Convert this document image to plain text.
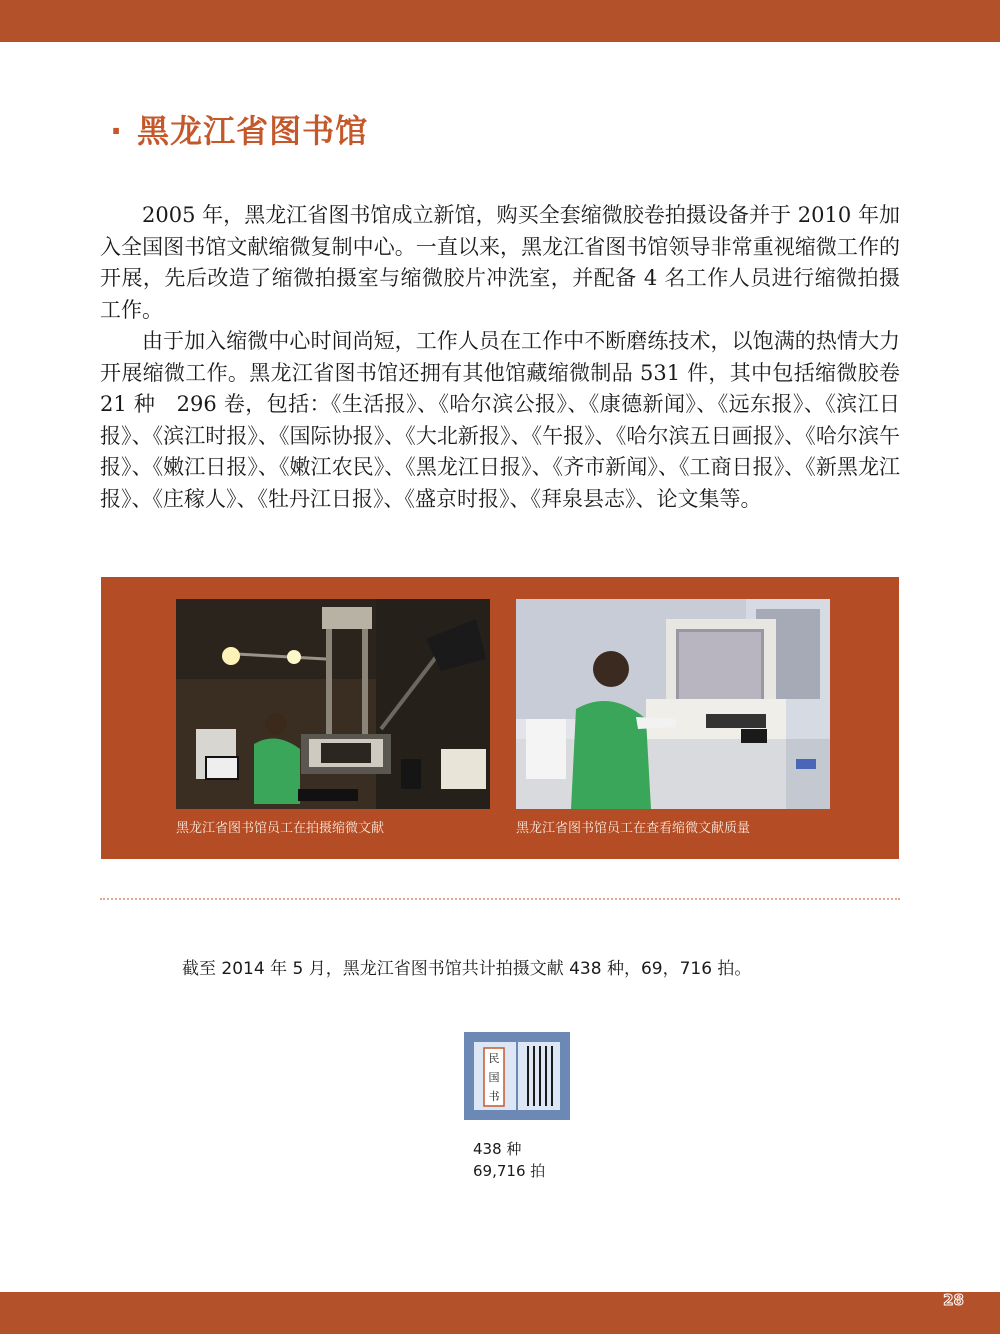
· 黑龙江省图书馆

2005 年，黑龙江省图书馆成立新馆，购买全套缩微胶卷拍摄设备并于 2010 年加入全国图书馆文献缩微复制中心。一直以来，黑龙江省图书馆领导非常重视缩微工作的开展，先后改造了缩微拍摄室与缩微胶片冲洗室，并配备 4 名工作人员进行缩微拍摄工作。

由于加入缩微中心时间尚短，工作人员在工作中不断磨练技术，以饱满的热情大力开展缩微工作。黑龙江省图书馆还拥有其他馆藏缩微制品 531 件，其中包括缩微胶卷 21 种　296 卷，包括：《生活报》、《哈尔滨公报》、《康德新闻》、《远东报》、《滨江日报》、《滨江时报》、《国际协报》、《大北新报》、《午报》、《哈尔滨五日画报》、《哈尔滨午报》、《嫩江日报》、《嫩江农民》、《黑龙江日报》、《齐市新闻》、《工商日报》、《新黑龙江报》、《庄稼人》、《牡丹江日报》、《盛京时报》、《拜泉县志》、论文集等。

黑龙江省图书馆员工在拍摄缩微文献	黑龙江省图书馆员工在查看缩微文献质量
截至 2014 年 5 月，黑龙江省图书馆共计拍摄文献 438 种，69，716 拍。
民
国
书
438 种
69,716 拍
28
